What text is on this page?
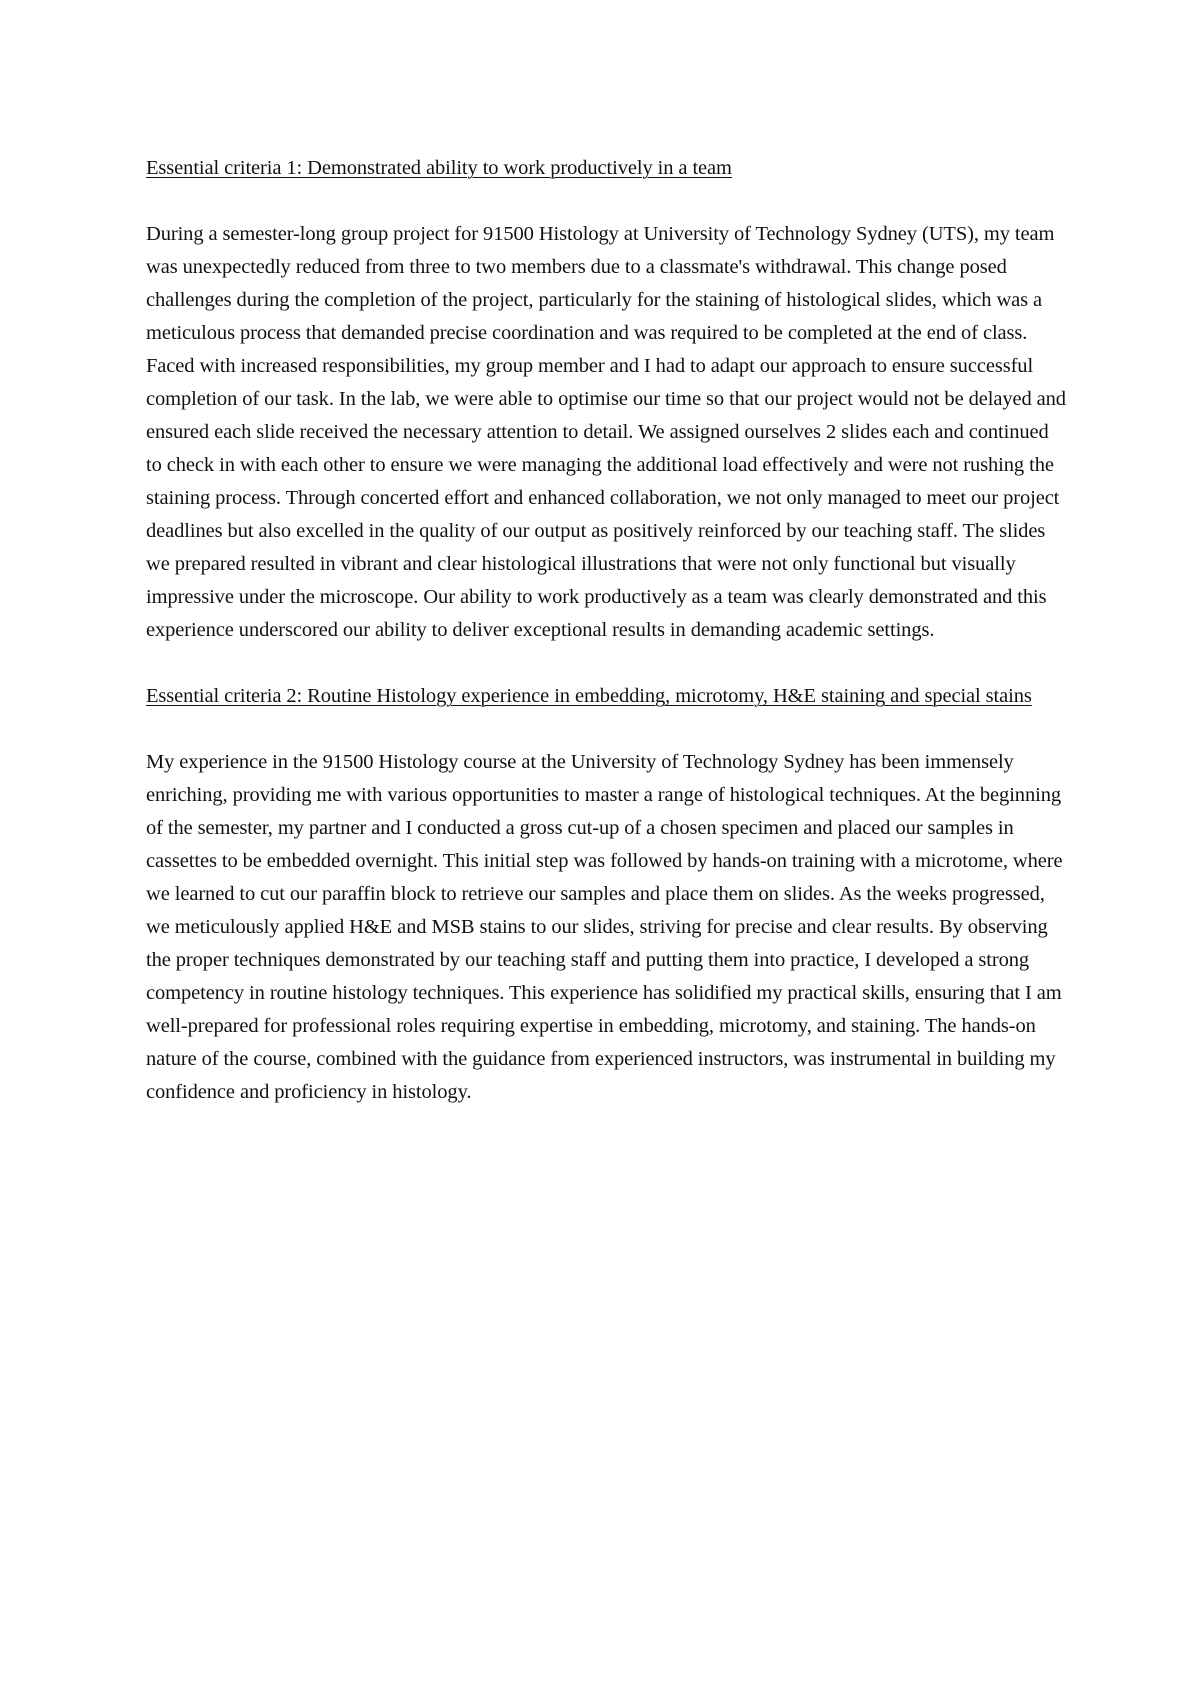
Essential criteria 1: Demonstrated ability to work productively in a team

During a semester-long group project for 91500 Histology at University of Technology Sydney (UTS), my team was unexpectedly reduced from three to two members due to a classmate's withdrawal. This change posed challenges during the completion of the project, particularly for the staining of histological slides, which was a meticulous process that demanded precise coordination and was required to be completed at the end of class. Faced with increased responsibilities, my group member and I had to adapt our approach to ensure successful completion of our task. In the lab, we were able to optimise our time so that our project would not be delayed and ensured each slide received the necessary attention to detail. We assigned ourselves 2 slides each and continued to check in with each other to ensure we were managing the additional load effectively and were not rushing the staining process. Through concerted effort and enhanced collaboration, we not only managed to meet our project deadlines but also excelled in the quality of our output as positively reinforced by our teaching staff. The slides we prepared resulted in vibrant and clear histological illustrations that were not only functional but visually impressive under the microscope. Our ability to work productively as a team was clearly demonstrated and this experience underscored our ability to deliver exceptional results in demanding academic settings.

Essential criteria 2: Routine Histology experience in embedding, microtomy, H&E staining and special stains

My experience in the 91500 Histology course at the University of Technology Sydney has been immensely enriching, providing me with various opportunities to master a range of histological techniques. At the beginning of the semester, my partner and I conducted a gross cut-up of a chosen specimen and placed our samples in cassettes to be embedded overnight. This initial step was followed by hands-on training with a microtome, where we learned to cut our paraffin block to retrieve our samples and place them on slides. As the weeks progressed, we meticulously applied H&E and MSB stains to our slides, striving for precise and clear results. By observing the proper techniques demonstrated by our teaching staff and putting them into practice, I developed a strong competency in routine histology techniques. This experience has solidified my practical skills, ensuring that I am well-prepared for professional roles requiring expertise in embedding, microtomy, and staining. The hands-on nature of the course, combined with the guidance from experienced instructors, was instrumental in building my confidence and proficiency in histology.
